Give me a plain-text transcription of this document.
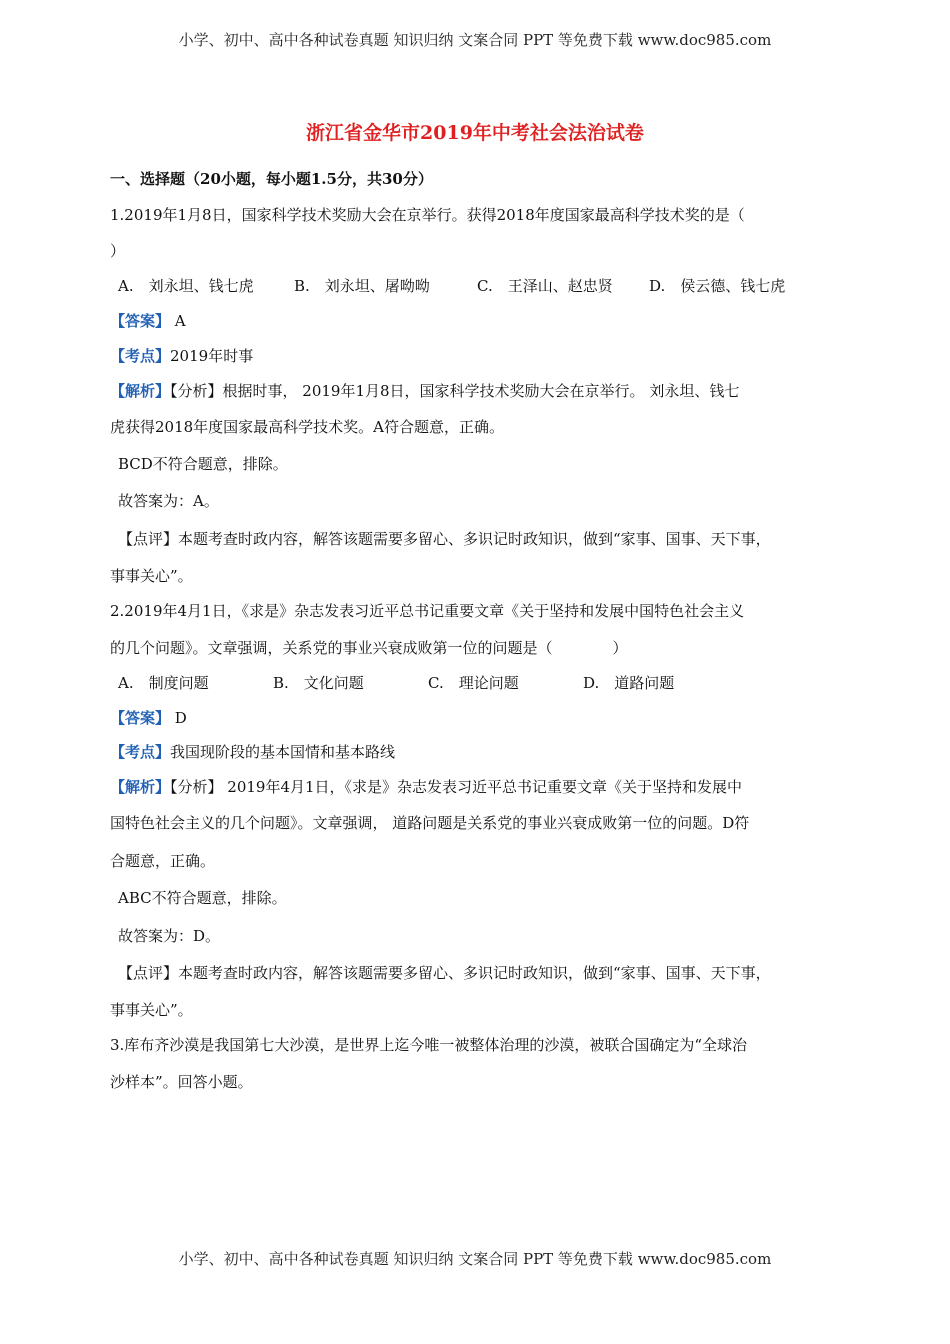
小学、初中、高中各种试卷真题 知识归纳 文案合同 PPT 等免费下载 www.doc985.com
浙江省金华市2019年中考社会法治试卷
一、选择题（20小题，每小题1.5分，共30分）
1.2019年1月8日，国家科学技术奖励大会在京举行。获得2018年度国家最高科学技术奖的是（
）
A.　刘永坦、钱七虎	B.　刘永坦、屠呦呦	C.　王泽山、赵忠贤 D.　侯云德、钱七虎
【答案】 A
【考点】2019年时事
【解析】【分析】根据时事， 2019年1月8日，国家科学技术奖励大会在京举行。 刘永坦、钱七
虎获得2018年度国家最高科学技术奖。A符合题意，正确。
BCD不符合题意，排除。
故答案为：A。
【点评】本题考查时政内容，解答该题需要多留心、多识记时政知识，做到“家事、国事、天下事，
事事关心”。
2.2019年4月1日，《求是》杂志发表习近平总书记重要文章《关于坚持和发展中国特色社会主义
的几个问题》。文章强调，关系党的事业兴衰成败第一位的问题是（　　　　）
A.　制度问题	B.　文化问题	C.　理论问题	D.　道路问题
【答案】 D
【考点】我国现阶段的基本国情和基本路线
【解析】【分析】 2019年4月1日，《求是》杂志发表习近平总书记重要文章《关于坚持和发展中
国特色社会主义的几个问题》。文章强调， 道路问题是关系党的事业兴衰成败第一位的问题。D符
合题意，正确。
ABC不符合题意，排除。
故答案为：D。
【点评】本题考查时政内容，解答该题需要多留心、多识记时政知识，做到“家事、国事、天下事，
事事关心”。
3.库布齐沙漠是我国第七大沙漠，是世界上迄今唯一被整体治理的沙漠，被联合国确定为“全球治
沙样本”。回答小题。
小学、初中、高中各种试卷真题 知识归纳 文案合同 PPT 等免费下载 www.doc985.com
